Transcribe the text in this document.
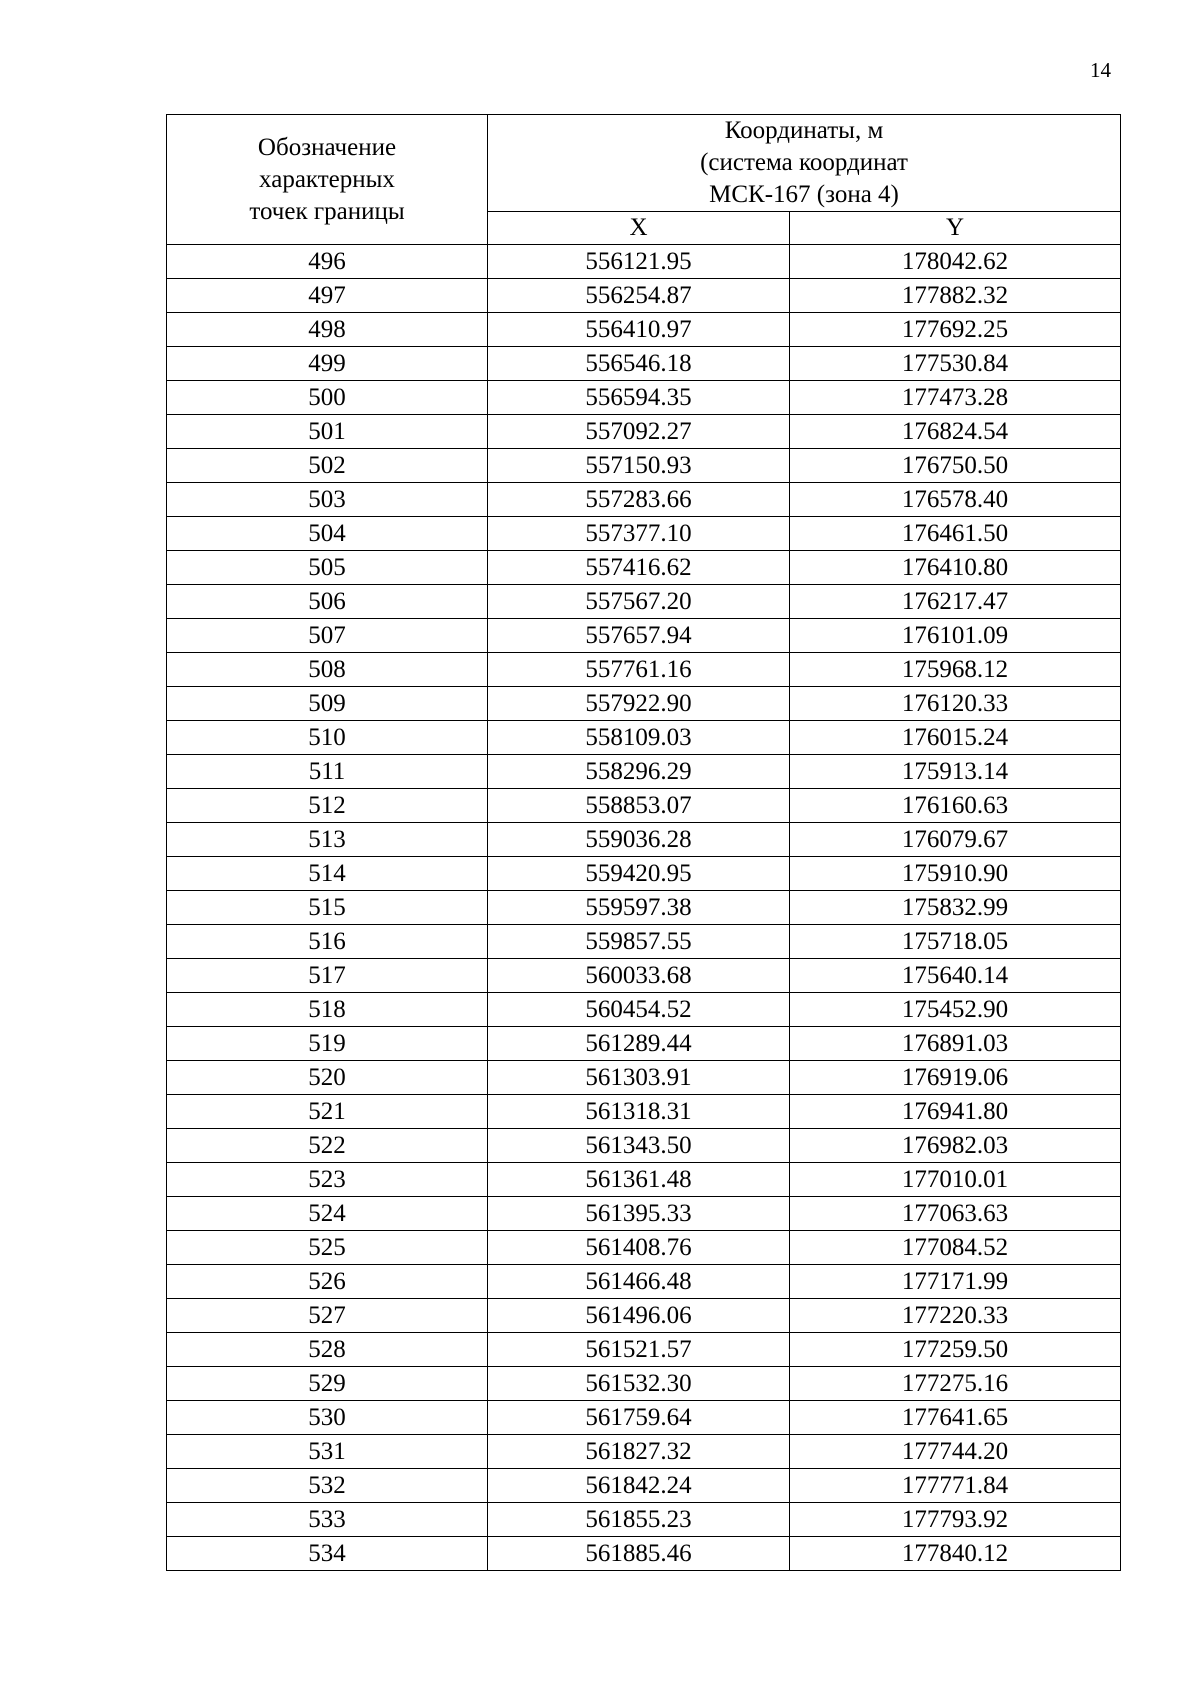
14
Обозначение
характерных
точек границы	Координаты, м
(система координат
МСК-167 (зона 4)	

	X	Y
496	556121.95	178042.62
497	556254.87	177882.32
498	556410.97	177692.25
499	556546.18	177530.84
500	556594.35	177473.28
501	557092.27	176824.54
502	557150.93	176750.50
503	557283.66	176578.40
504	557377.10	176461.50
505	557416.62	176410.80
506	557567.20	176217.47
507	557657.94	176101.09
508	557761.16	175968.12
509	557922.90	176120.33
510	558109.03	176015.24
511	558296.29	175913.14
512	558853.07	176160.63
513	559036.28	176079.67
514	559420.95	175910.90
515	559597.38	175832.99
516	559857.55	175718.05
517	560033.68	175640.14
518	560454.52	175452.90
519	561289.44	176891.03
520	561303.91	176919.06
521	561318.31	176941.80
522	561343.50	176982.03
523	561361.48	177010.01
524	561395.33	177063.63
525	561408.76	177084.52
526	561466.48	177171.99
527	561496.06	177220.33
528	561521.57	177259.50
529	561532.30	177275.16
530	561759.64	177641.65
531	561827.32	177744.20
532	561842.24	177771.84
533	561855.23	177793.92
534	561885.46	177840.12
